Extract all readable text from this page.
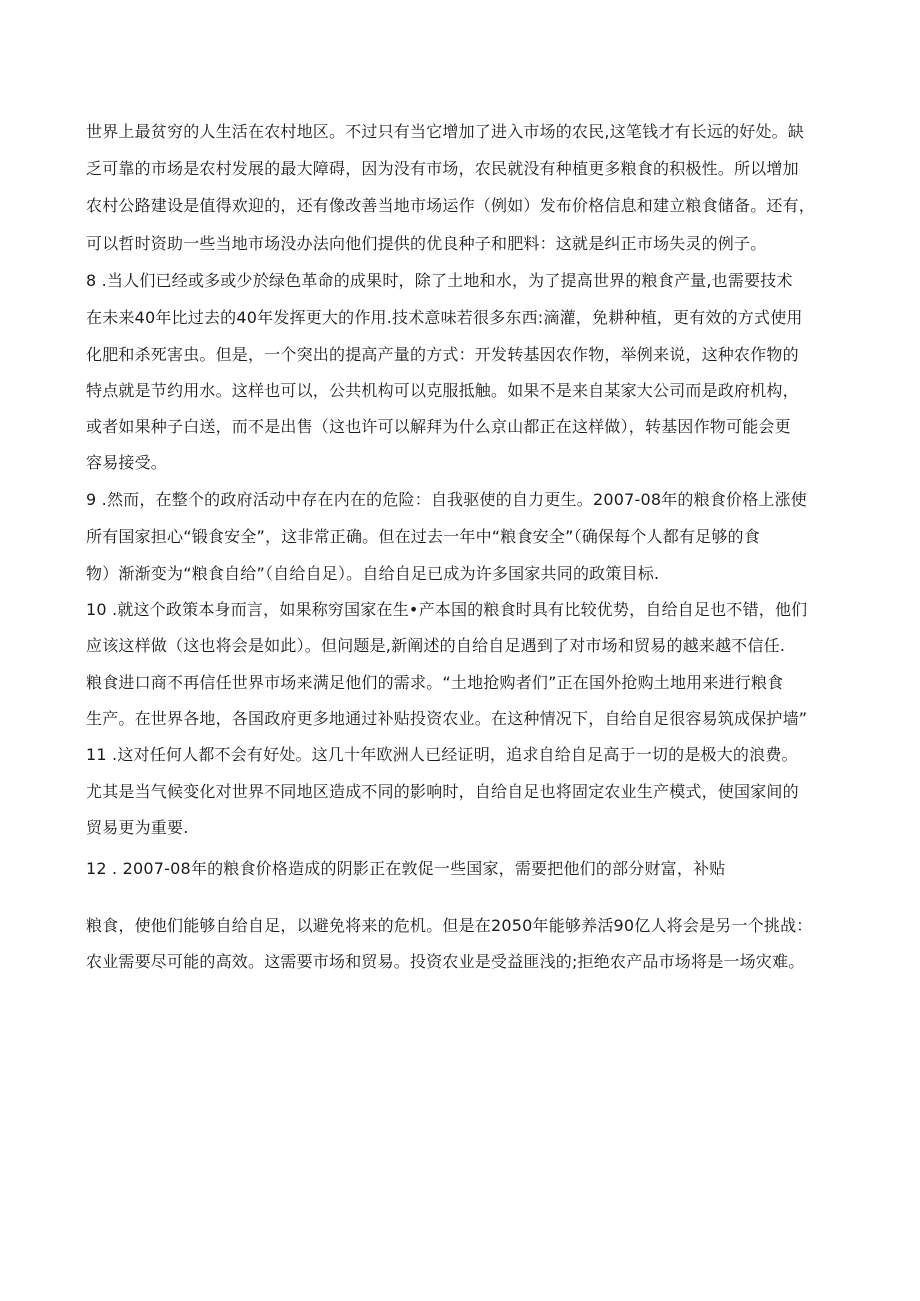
世界上最贫穷的人生活在农村地区。不过只有当它增加了进入市场的农民,这笔钱才有长远的好处。缺
乏可靠的市场是农村发展的最大障碍，因为没有市场，农民就没有种植更多粮食的积极性。所以增加
农村公路建设是值得欢迎的，还有像改善当地市场运作（例如）发布价格信息和建立粮食储备。还有，
可以哲时资助一些当地市场没办法向他们提供的优良种子和肥料：这就是纠正市场失灵的例子。
8 .当人们已经或多或少於绿色革命的成果时，除了土地和水，为了提高世界的粮食产量,也需要技术
在未来40年比过去的40年发挥更大的作用.技术意味若很多东西:滴灌，免耕种植，更有效的方式使用
化肥和杀死害虫。但是，一个突出的提高产量的方式：开发转基因农作物，举例来说，这种农作物的
特点就是节约用水。这样也可以，公共机构可以克服抵触。如果不是来自某家大公司而是政府机构，
或者如果种子白送，而不是出售（这也许可以解拜为什么京山都正在这样做），转基因作物可能会更
容易接受。
9 .然而，在整个的政府活动中存在内在的危险：自我驱使的自力更生。2007-08年的粮食价格上涨使
所有国家担心“锻食安全”，这非常正确。但在过去一年中“粮食安全”（确保每个人都有足够的食
物）渐渐变为“粮食自给”（自给自足）。自给自足已成为许多国家共同的政策目标.
10 .就这个政策本身而言，如果称穷国家在生•产本国的粮食时具有比较优势，自给自足也不错，他们
应该这样做（这也将会是如此）。但问题是,新阐述的自给自足遇到了对市场和贸易的越来越不信任.
粮食进口商不再信任世界市场来满足他们的需求。“土地抢购者们”正在国外抢购土地用来进行粮食
生产。在世界各地，各国政府更多地通过补贴投资农业。在这种情况下，自给自足很容易筑成保护墙”
11 .这对任何人都不会有好处。这几十年欧洲人已经证明，追求自给自足高于一切的是极大的浪费。
尤其是当气候变化对世界不同地区造成不同的影响时，自给自足也将固定农业生产模式，使国家间的
贸易更为重要.
12 . 2007-08年的粮食价格造成的阴影正在敦促一些国家，需要把他们的部分财富，补贴
粮食，使他们能够自给自足，以避免将来的危机。但是在2050年能够养活90亿人将会是另一个挑战：
农业需要尽可能的高效。这需要市场和贸易。投资农业是受益匪浅的;拒绝农产品市场将是一场灾难。
